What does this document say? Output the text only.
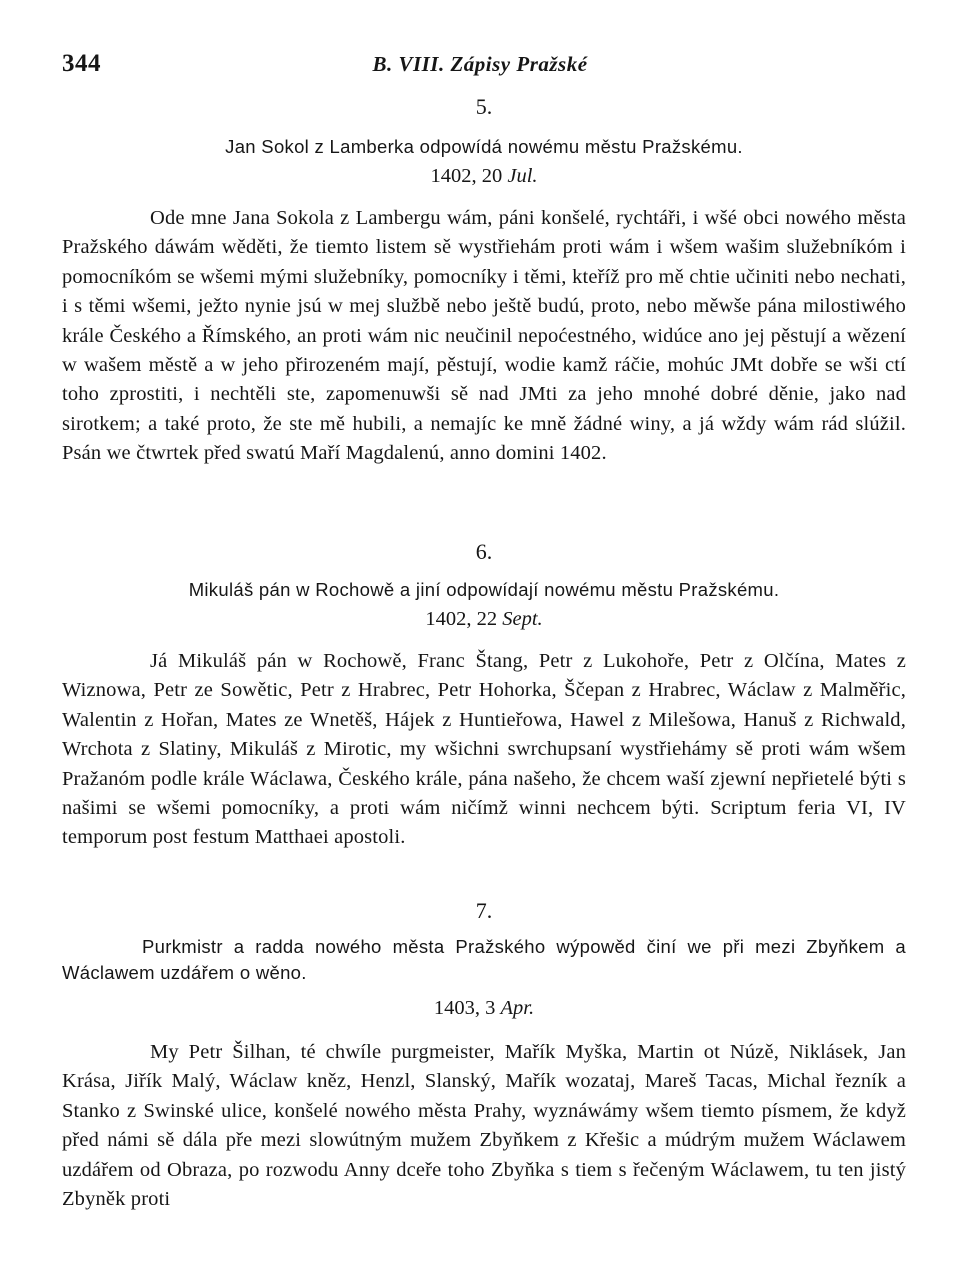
344	B. VIII. Zápisy Pražské
5.
Jan Sokol z Lamberka odpowídá nowému městu Pražskému.
1402, 20 Jul.

Ode mne Jana Sokola z Lambergu wám, páni konšelé, rychtáři, i wšé obci nowého města Pražského dáwám wěděti, že tiemto listem sě wystřiehám proti wám i wšem wašim služebníkóm i pomocníkóm se wšemi mými služebníky, pomocníky i těmi, kteříž pro mě chtie učiniti nebo nechati, i s těmi wšemi, ježto nynie jsú w mej službě nebo ještě budú, proto, nebo měwše pána milostiwého krále Českého a Římského, an proti wám nic neučinil nepoćestného, widúce ano jej pěstují a wězení w wašem městě a w jeho přirozeném mají, pěstují, wodie kamž ráčie, mohúc JMt dobře se wši ctí toho zprostiti, i nechtěli ste, zapomenuwši sě nad JMti za jeho mnohé dobré děnie, jako nad sirotkem; a také proto, že ste mě hubili, a nemajíc ke mně žádné winy, a já wždy wám rád slúžil. Psán we čtwrtek před swatú Maří Magdalenú, anno domini 1402.

6.
Mikuláš pán w Rochowě a jiní odpowídají nowému městu Pražskému.
1402, 22 Sept.

Já Mikuláš pán w Rochowě, Franc Štang, Petr z Lukohoře, Petr z Olčína, Mates z Wiznowa, Petr ze Sowětic, Petr z Hrabrec, Petr Hohorka, Ščepan z Hrabrec, Wáclaw z Malměřic, Walentin z Hořan, Mates ze Wnetěš, Hájek z Huntieřowa, Hawel z Milešowa, Hanuš z Richwald, Wrchota z Slatiny, Mikuláš z Mirotic, my wšichni swrchupsaní wystřiehámy sě proti wám wšem Pražanóm podle krále Wáclawa, Českého krále, pána našeho, že chcem waší zjewní nepřietelé býti s našimi se wšemi pomocníky, a proti wám ničímž winni nechcem býti. Scriptum feria VI, IV temporum post festum Matthaei apostoli.

7.
Purkmistr a radda nowého města Pražského wýpowěd činí we při mezi Zbyňkem a Wáclawem uzdářem o wěno.
1403, 3 Apr.

My Petr Šilhan, té chwíle purgmeister, Mařík Myška, Martin ot Núzě, Niklásek, Jan Krása, Jiřík Malý, Wáclaw kněz, Henzl, Slanský, Mařík wozataj, Mareš Tacas, Michal řezník a Stanko z Swinské ulice, konšelé nowého města Prahy, wyznáwámy wšem tiemto písmem, že když před námi sě dála pře mezi slowútným mužem Zbyňkem z Křešic a múdrým mužem Wáclawem uzdářem od Obraza, po rozwodu Anny dceře toho Zbyňka s tiem s řečeným Wáclawem, tu ten jistý Zbyněk proti
